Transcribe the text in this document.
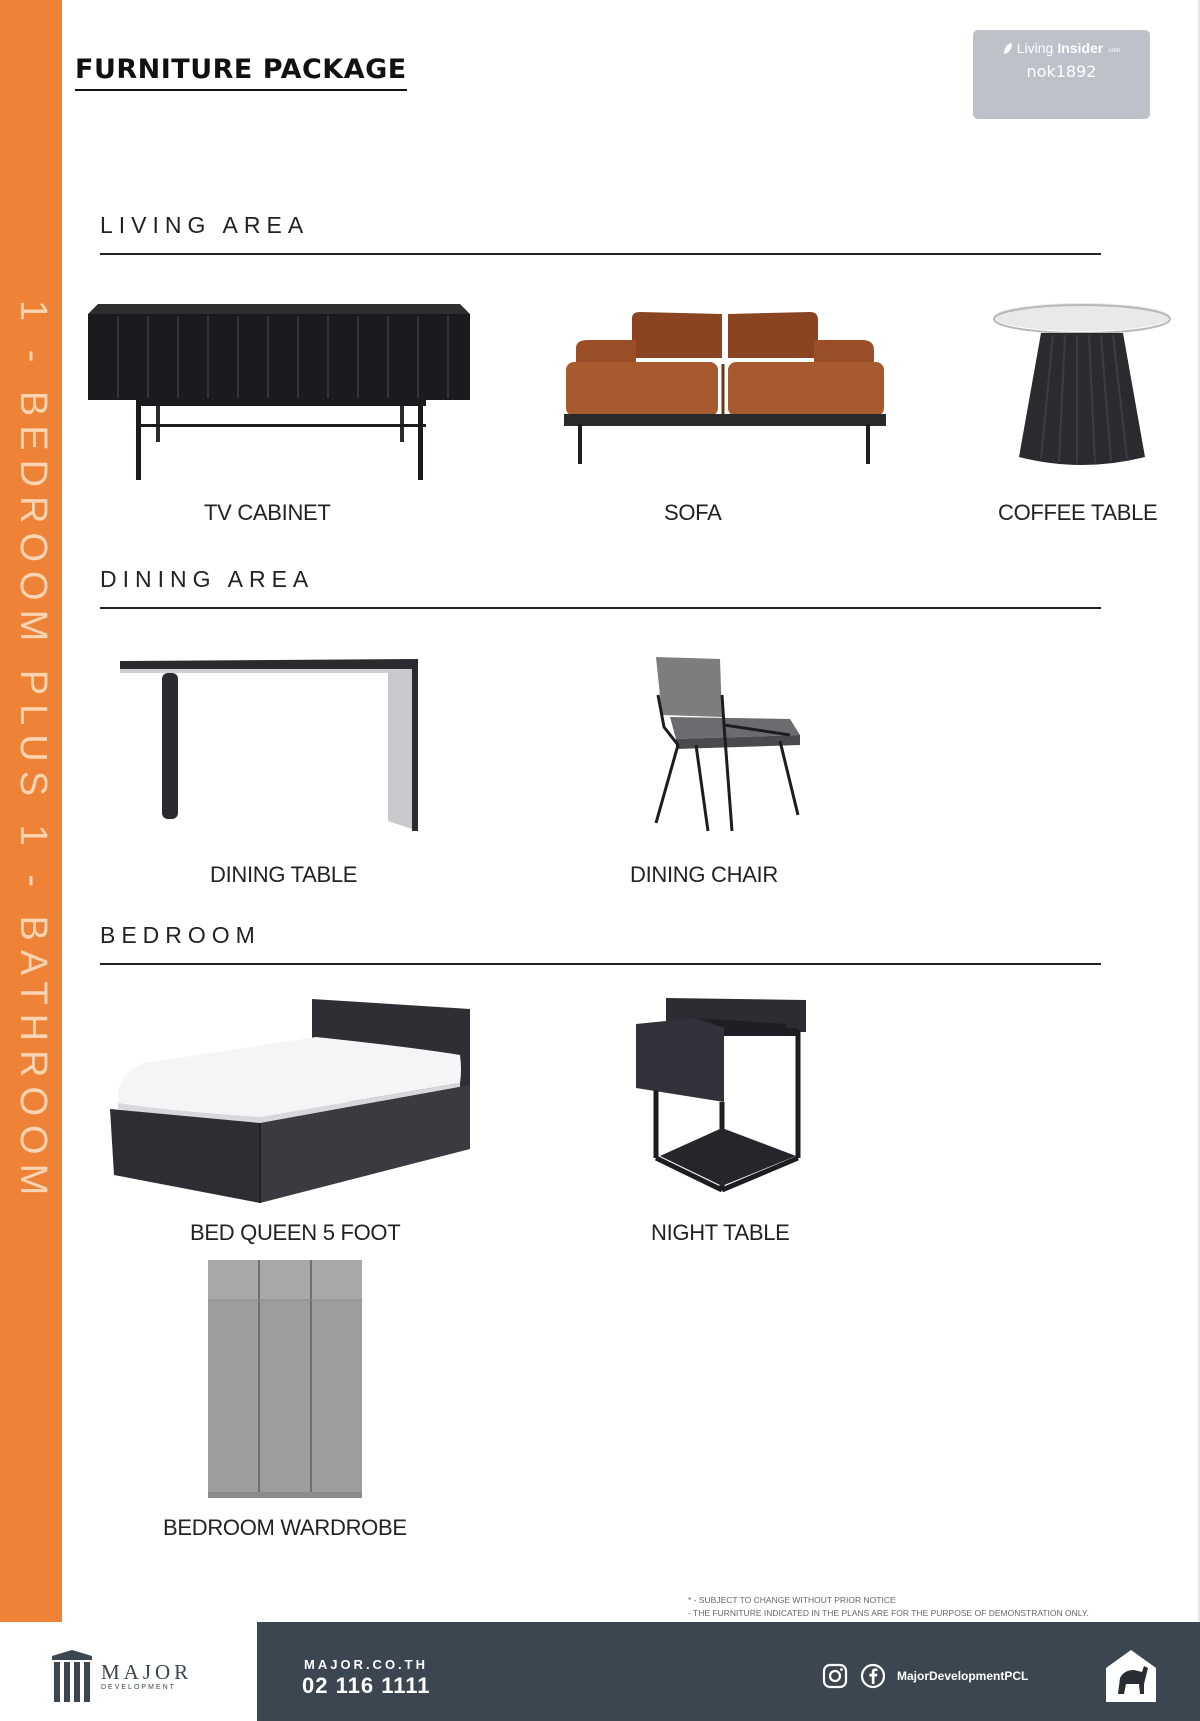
1 - BEDROOM PLUS 1 - BATHROOM
FURNITURE PACKAGE
Living Insider .com
nok1892
LIVING AREA
TV CABINET	SOFA	COFFEE TABLE
DINING AREA
DINING TABLE	DINING CHAIR
BEDROOM
BED QUEEN 5 FOOT	NIGHT TABLE
BEDROOM WARDROBE
* - SUBJECT TO CHANGE WITHOUT PRIOR NOTICE
- THE FURNITURE INDICATED IN THE PLANS ARE FOR THE PURPOSE OF DEMONSTRATION ONLY.
MAJOR
DEVELOPMENT
MAJOR.CO.TH
02 116 1111	MajorDevelopmentPCL
